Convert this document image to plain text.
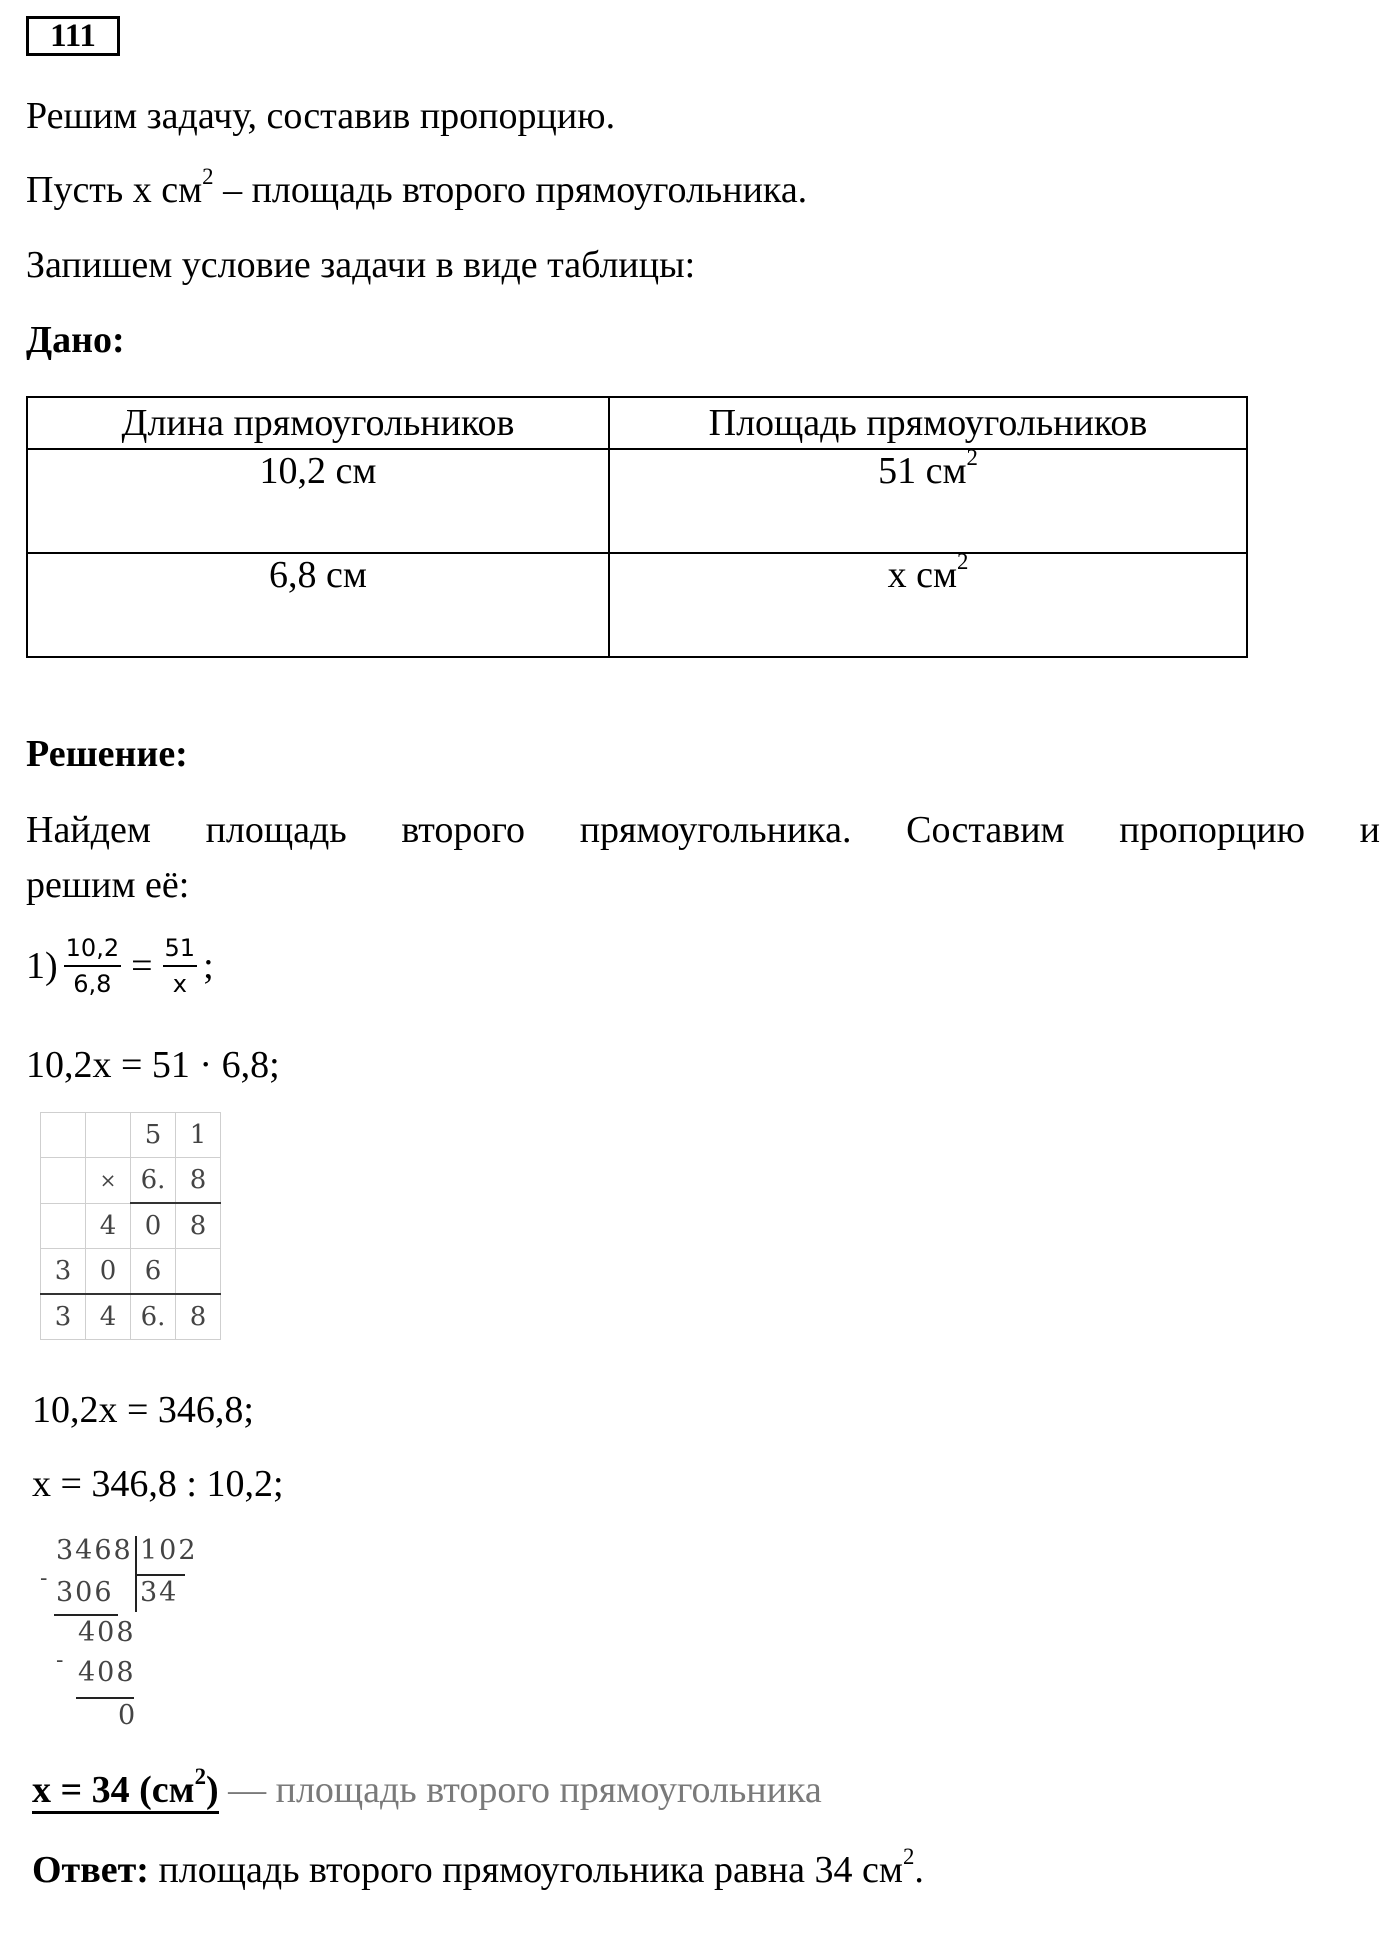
111
Решим задачу, составив пропорцию.
Пусть х $см^2$ – площадь второго прямоугольника.
Запишем условие задачи в виде таблицы:
Дано:
Длина прямоугольников	Площадь прямоугольников
10,2 см	51 $см^2$
6,8 см	х $см^2$
Решение:
Найдем площадь второго прямоугольника. Составим пропорцию и
решим её:
$1) \frac{10,2}{6,8} = \frac{51}{x}$ ;
10,2х = 51 · 6,8;
		5	1
	×	6.	8
	4	0	8
3	0	6	
3	4	6.	8
10,2х = 346,8;
х = 346,8 : 10,2;
3468 102
- 306 34
408
- 408
0
х = 34 $(см^2)$ — площадь второго прямоугольника
Ответ: площадь второго прямоугольника равна 34 $см^2$.
